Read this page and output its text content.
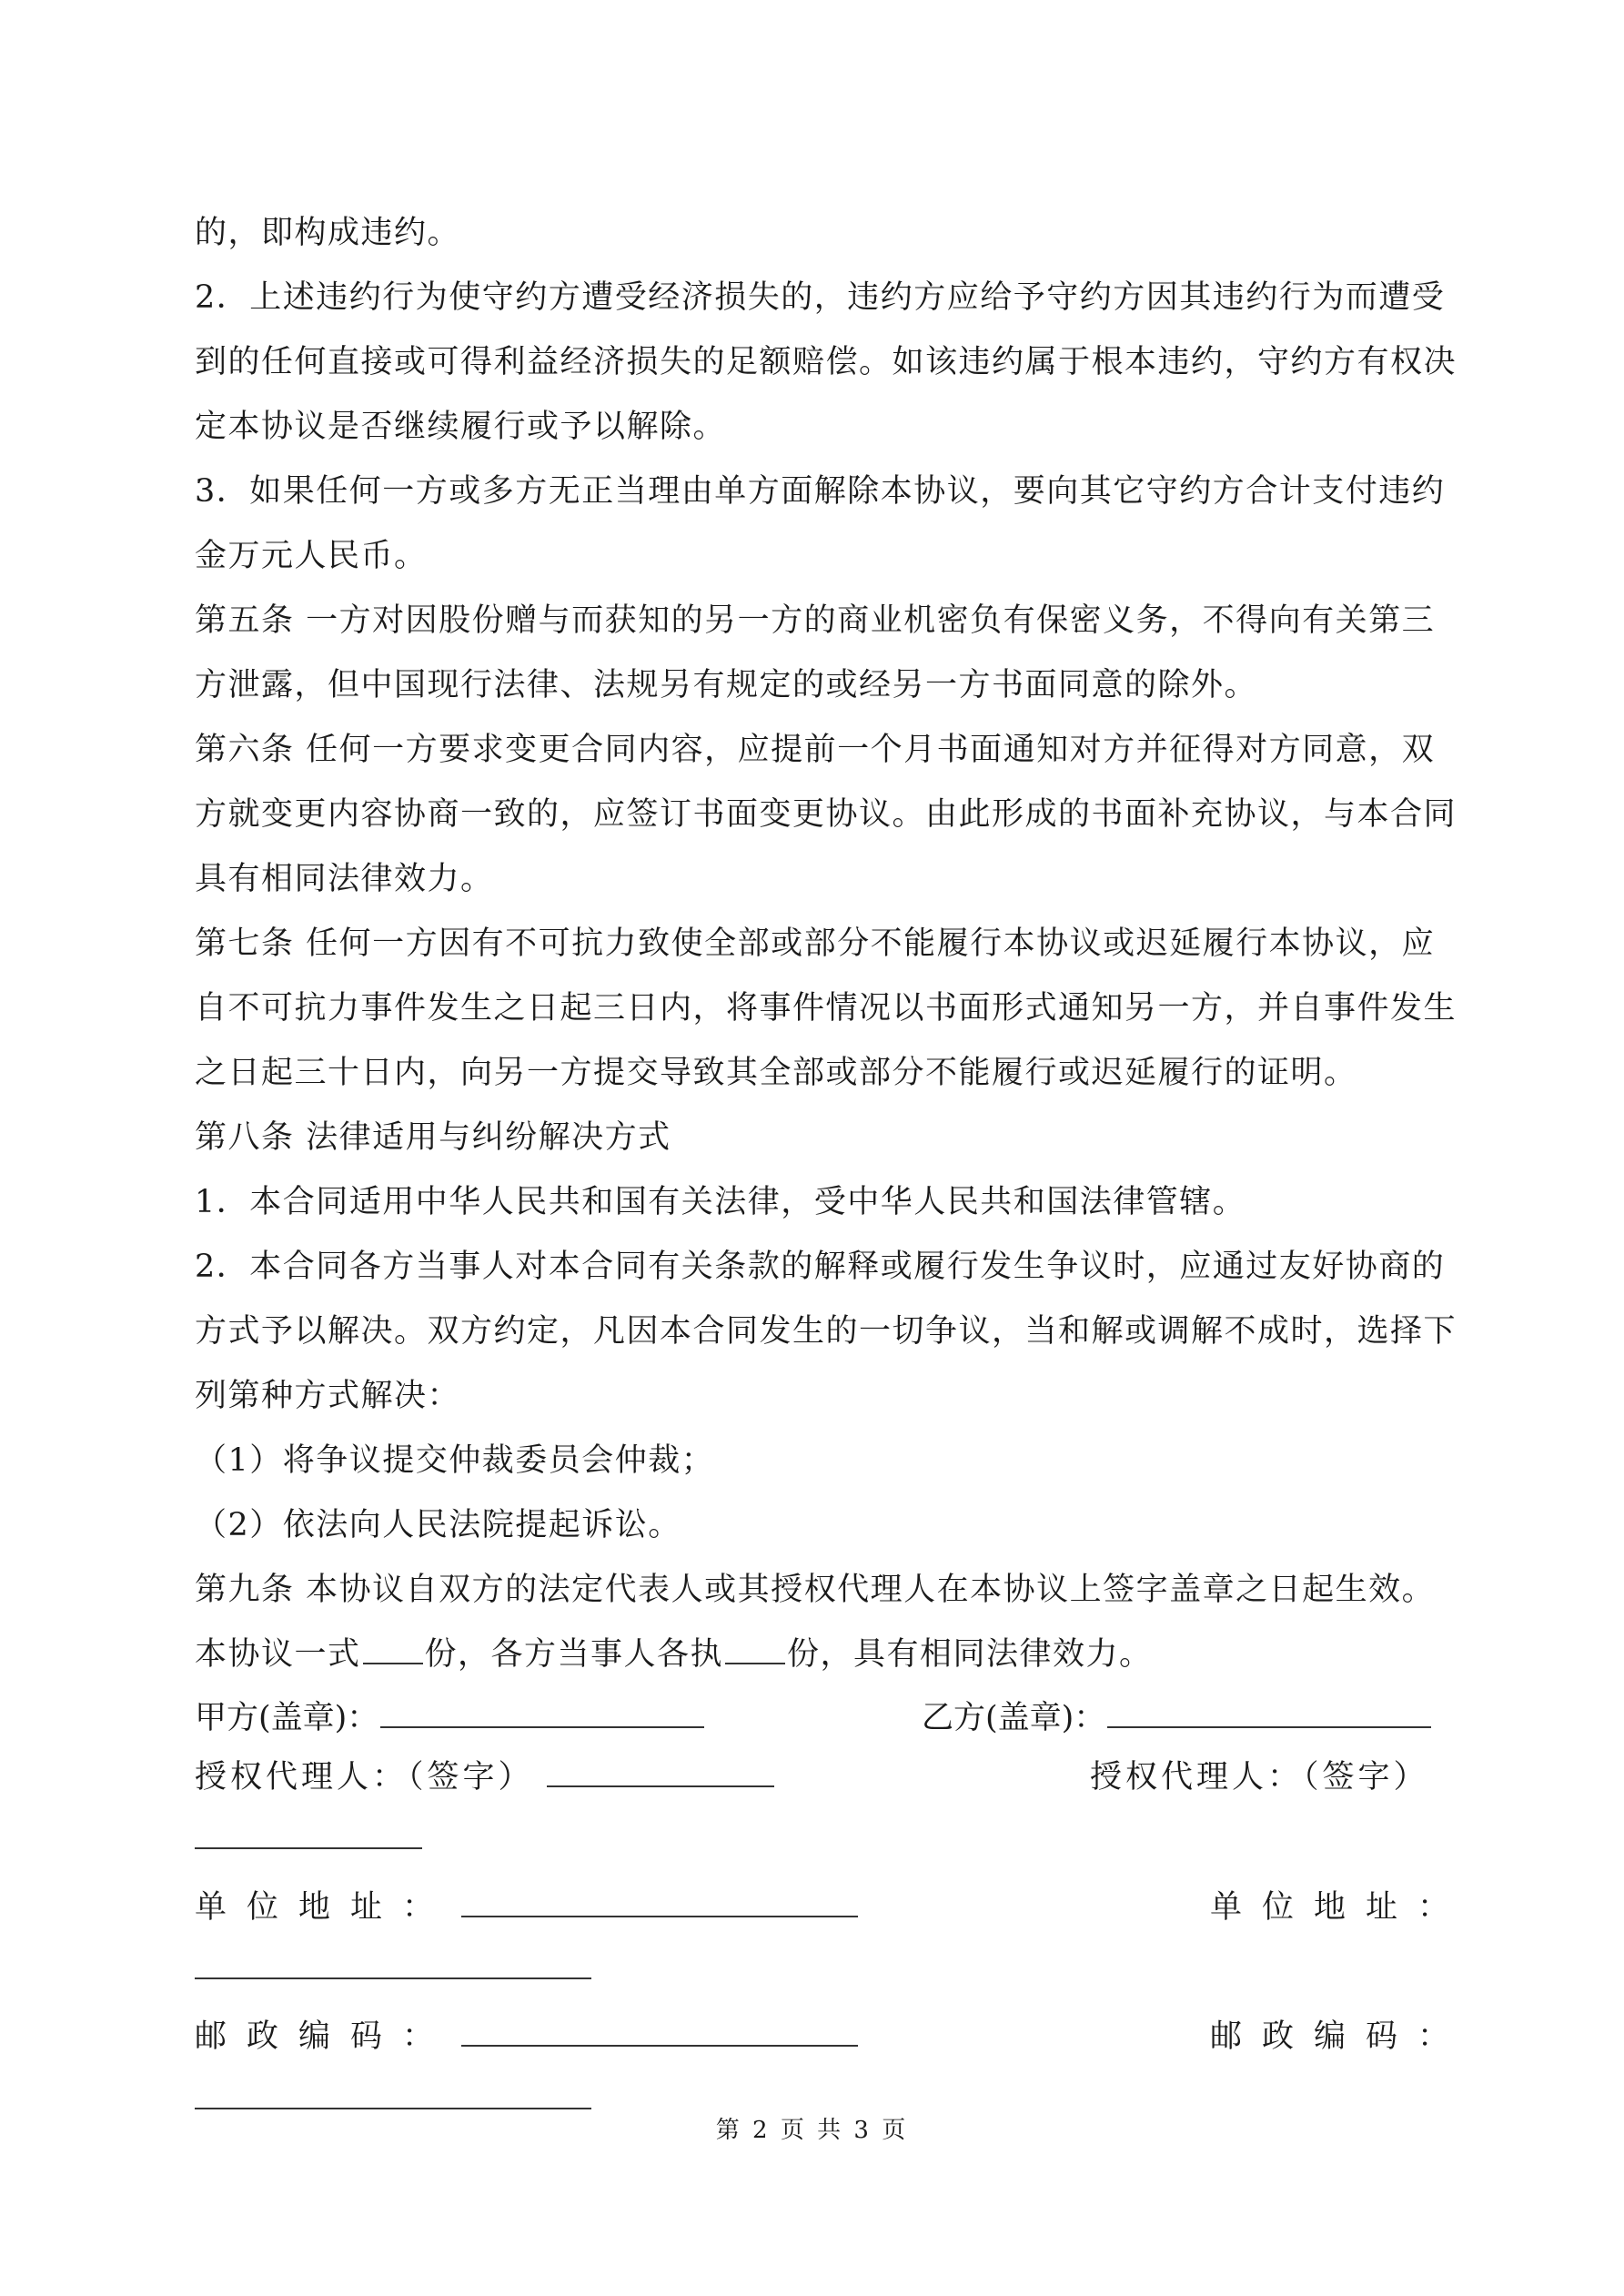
的，即构成违约。
2．上述违约行为使守约方遭受经济损失的，违约方应给予守约方因其违约行为而遭受
到的任何直接或可得利益经济损失的足额赔偿。如该违约属于根本违约，守约方有权决
定本协议是否继续履行或予以解除。
3．如果任何一方或多方无正当理由单方面解除本协议，要向其它守约方合计支付违约
金万元人民币。
第五条 一方对因股份赠与而获知的另一方的商业机密负有保密义务，不得向有关第三
方泄露，但中国现行法律、法规另有规定的或经另一方书面同意的除外。
第六条 任何一方要求变更合同内容，应提前一个月书面通知对方并征得对方同意，双
方就变更内容协商一致的，应签订书面变更协议。由此形成的书面补充协议，与本合同
具有相同法律效力。
第七条 任何一方因有不可抗力致使全部或部分不能履行本协议或迟延履行本协议，应
自不可抗力事件发生之日起三日内，将事件情况以书面形式通知另一方，并自事件发生
之日起三十日内，向另一方提交导致其全部或部分不能履行或迟延履行的证明。
第八条 法律适用与纠纷解决方式
1．本合同适用中华人民共和国有关法律，受中华人民共和国法律管辖。
2．本合同各方当事人对本合同有关条款的解释或履行发生争议时，应通过友好协商的
方式予以解决。双方约定，凡因本合同发生的一切争议，当和解或调解不成时，选择下
列第种方式解决：
（1）将争议提交仲裁委员会仲裁；
（2）依法向人民法院提起诉讼。
第九条 本协议自双方的法定代表人或其授权代理人在本协议上签字盖章之日起生效。
本协议一式 份，各方当事人各执 份，具有相同法律效力。
甲方(盖章)：	乙方(盖章)：
授权代理人：（签字）	授权代理人：（签字）
单位地址：	单位地址：
邮政编码：	邮政编码：
第 2 页 共 3 页
